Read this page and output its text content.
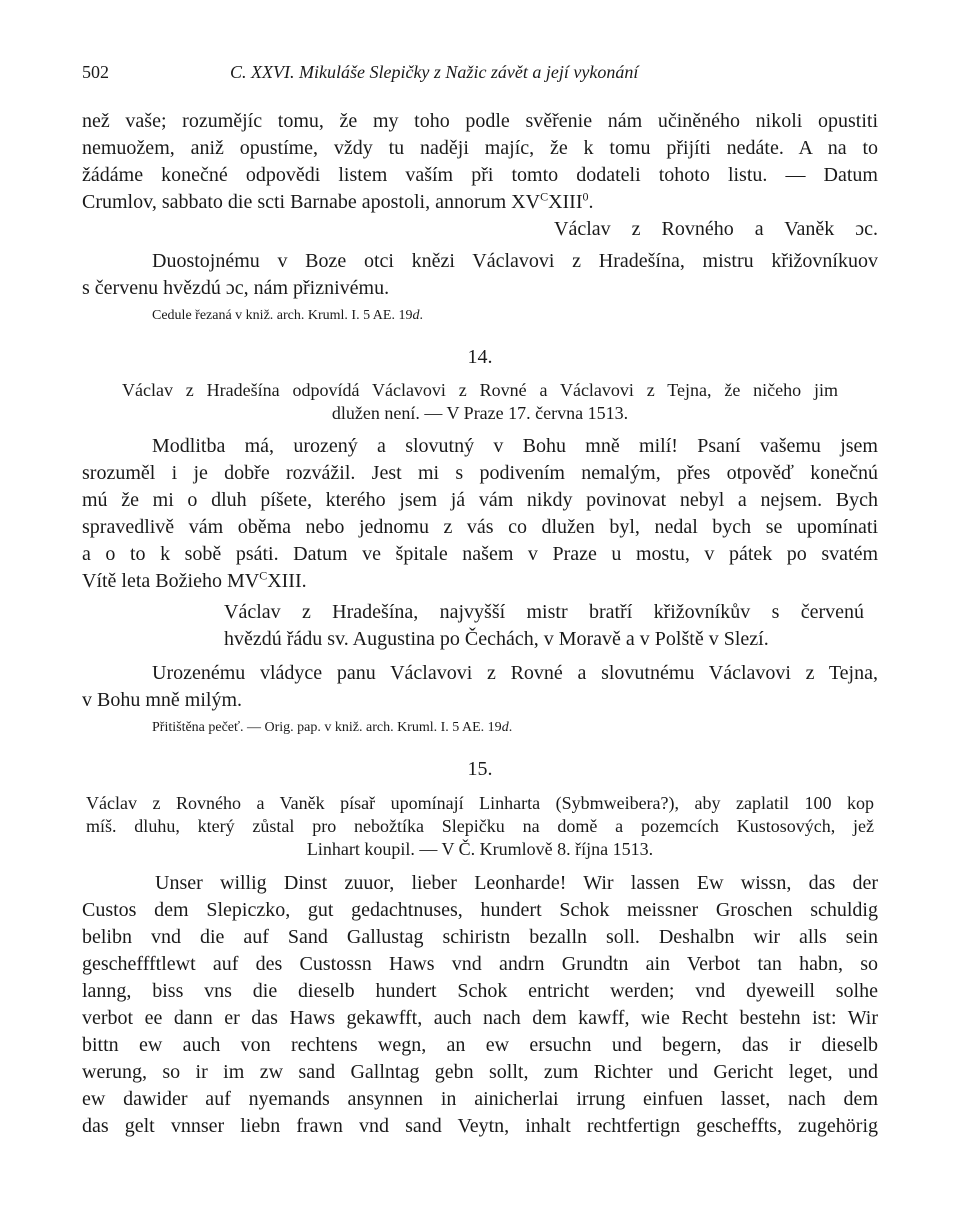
502	C. XXVI. Mikuláše Slepičky z Nažic závět a její vykonání
než vaše; rozumějíc tomu, že my toho podle svěřenie nám učiněného nikoli opustiti
nemuožem, aniž opustíme, vždy tu naději majíc, že k tomu přijíti nedáte. A na to
žádáme konečné odpovědi listem vaším při tomto dodateli tohoto listu. — Datum
Crumlov, sabbato die scti Barnabe apostoli, annorum $XV^CXIII^0$.
Václav z Rovného a Vaněk ɔc.
Duostojnému v Boze otci knězi Václavovi z Hradešína, mistru křižovníkuov
s červenu hvězdú ɔc, nám přiznivému.
Cedule řezaná v kniž. arch. Kruml. I. 5 AE. 19d.
14.
Václav z Hradešína odpovídá Václavovi z Rovné a Václavovi z Tejna, že ničeho jim
dlužen není. — V Praze 17. června 1513.
Modlitba má, urozený a slovutný v Bohu mně milí! Psaní vašemu jsem
srozuměl i je dobře rozvážil. Jest mi s podivením nemalým, přes otpověď konečnú
mú že mi o dluh píšete, kterého jsem já vám nikdy povinovat nebyl a nejsem. Bych
spravedlivě vám oběma nebo jednomu z vás co dlužen byl, nedal bych se upomínati
a o to k sobě psáti. Datum ve špitale našem v Praze u mostu, v pátek po svatém
Vítě leta Božieho $MV^CXIII$.
Václav z Hradešína, najvyšší mistr bratří křižovníkův s červenú
hvězdú řádu sv. Augustina po Čechách, v Moravě a v Polště v Slezí.
Urozenému vládyce panu Václavovi z Rovné a slovutnému Václavovi z Tejna,
v Bohu mně milým.
Přitištěna pečeť. — Orig. pap. v kniž. arch. Kruml. I. 5 AE. 19d.
15.
Václav z Rovného a Vaněk písař upomínají Linharta (Sybmweibera?), aby zaplatil 100 kop
míš. dluhu, který zůstal pro nebožtíka Slepičku na domě a pozemcích Kustosových, jež
Linhart koupil. — V Č. Krumlově 8. října 1513.
Unser willig Dinst zuuor, lieber Leonharde! Wir lassen Ew wissn, das der
Custos dem Slepiczko, gut gedachtnuses, hundert Schok meissner Groschen schuldig
belibn vnd die auf Sand Gallustag schiristn bezalln soll. Deshalbn wir alls sein
gescheffftlewt auf des Custossn Haws vnd andrn Grundtn ain Verbot tan habn, so
lanng, biss vns die dieselb hundert Schok entricht werden; vnd dyeweill solhe
verbot ee dann er das Haws gekawfft, auch nach dem kawff, wie Recht bestehn ist: Wir
bittn ew auch von rechtens wegn, an ew ersuchn und begern, das ir dieselb
werung, so ir im zw sand Gallntag gebn sollt, zum Richter und Gericht leget, und
ew dawider auf nyemands ansynnen in ainicherlai irrung einfuen lasset, nach dem
das gelt vnnser liebn frawn vnd sand Veytn, inhalt rechtfertign gescheffts, zugehörig
